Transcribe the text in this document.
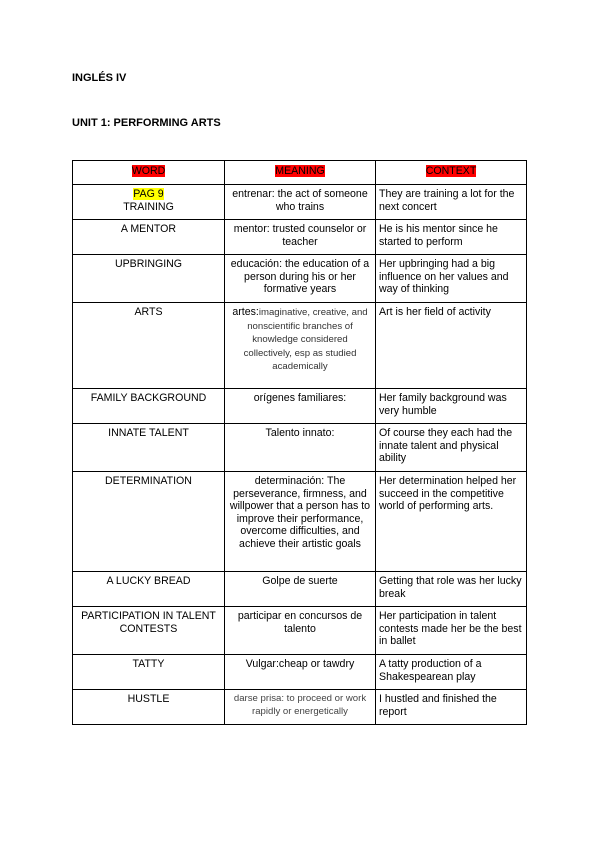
INGLÉS IV
UNIT 1: PERFORMING ARTS
WORD	MEANING	CONTEXT
PAG 9
TRAINING	entrenar: the act of someone who trains	They are training a lot for the next concert
A MENTOR	mentor: trusted counselor or teacher	He is his mentor since he started to perform
UPBRINGING	educación: the education of a person during his or her formative years	Her upbringing had a big influence on her values and way of thinking
ARTS	artes:imaginative, creative, and nonscientific branches of knowledge considered collectively, esp as studied academically	Art is her field of activity
FAMILY BACKGROUND	orígenes familiares:	Her family background was very humble
INNATE TALENT	Talento innato:	Of course they each had the innate talent and physical ability
DETERMINATION	determinación: The perseverance, firmness, and willpower that a person has to improve their performance, overcome difficulties, and achieve their artistic goals	Her determination helped her succeed in the competitive world of performing arts.
A LUCKY BREAD	Golpe de suerte	Getting that role was her lucky break
PARTICIPATION IN TALENT CONTESTS	participar en concursos de talento	Her participation in talent contests made her be the best in ballet
TATTY	Vulgar:cheap or tawdry	A tatty production of a Shakespearean play
HUSTLE	darse prisa: to proceed or work rapidly or energetically	I hustled and finished the report
